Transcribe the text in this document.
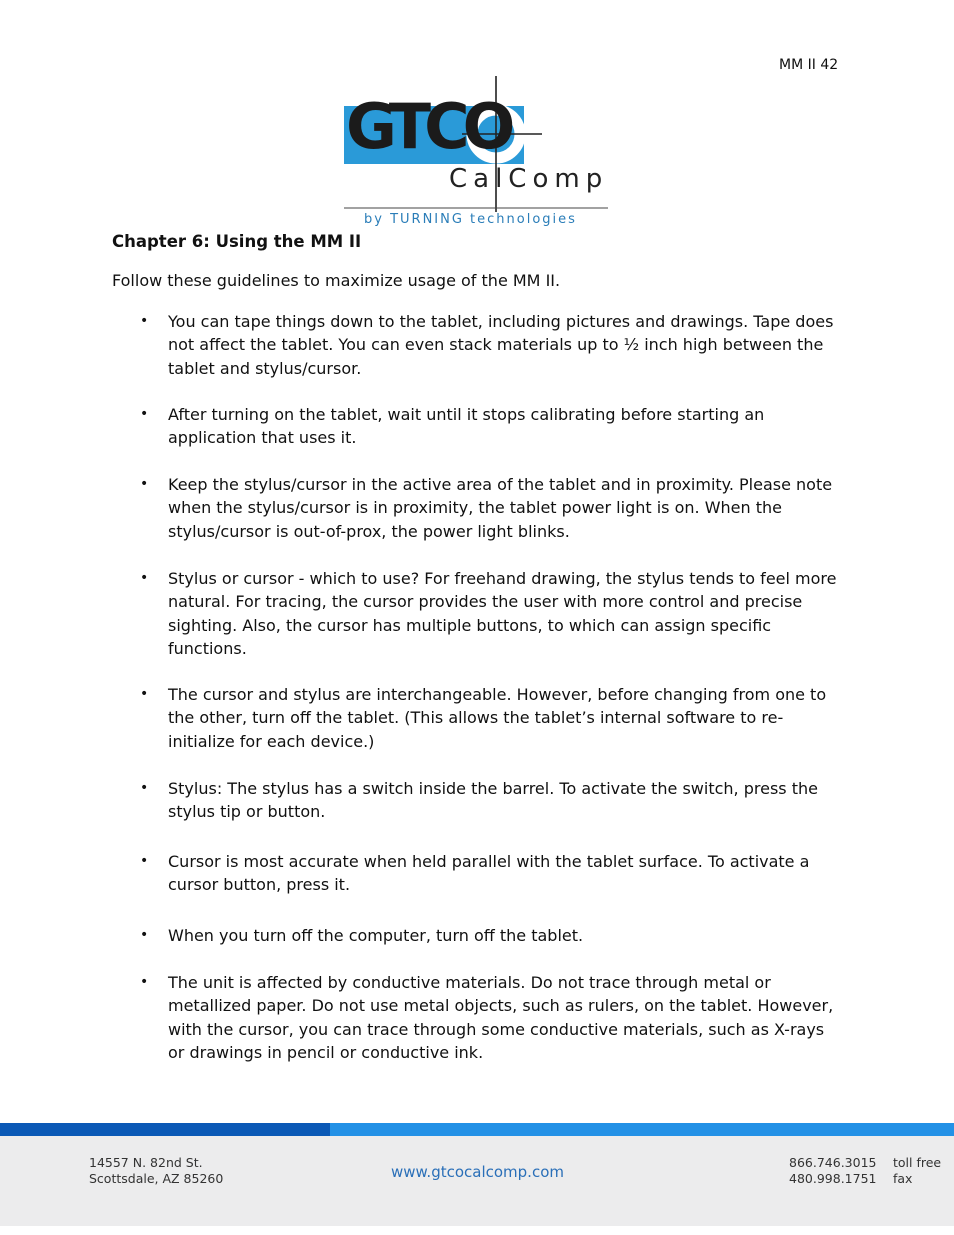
MM II 42
GTCO
CalComp
by TURNING technologies
Chapter 6: Using the MM II

Follow these guidelines to maximize usage of the MM II.

• You can tape things down to the tablet, including pictures and drawings. Tape does not affect the tablet. You can even stack materials up to ½ inch high between the tablet and stylus/cursor.
• After turning on the tablet, wait until it stops calibrating before starting an application that uses it.
• Keep the stylus/cursor in the active area of the tablet and in proximity. Please note when the stylus/cursor is in proximity, the tablet power light is on. When the stylus/cursor is out-of-prox, the power light blinks.
• Stylus or cursor - which to use? For freehand drawing, the stylus tends to feel more natural. For tracing, the cursor provides the user with more control and precise sighting. Also, the cursor has multiple buttons, to which can assign specific functions.
• The cursor and stylus are interchangeable. However, before changing from one to the other, turn off the tablet. (This allows the tablet’s internal software to re-initialize for each device.)
• Stylus: The stylus has a switch inside the barrel. To activate the switch, press the stylus tip or button.
• Cursor is most accurate when held parallel with the tablet surface. To activate a cursor button, press it.
• When you turn off the computer, turn off the tablet.
• The unit is affected by conductive materials. Do not trace through metal or metallized paper. Do not use metal objects, such as rulers, on the tablet. However, with the cursor, you can trace through some conductive materials, such as X-rays or drawings in pencil or conductive ink.
14557 N. 82nd St.
Scottsdale, AZ 85260	www.gtcocalcomp.com
866.746.3015 toll free
480.998.1751 fax
